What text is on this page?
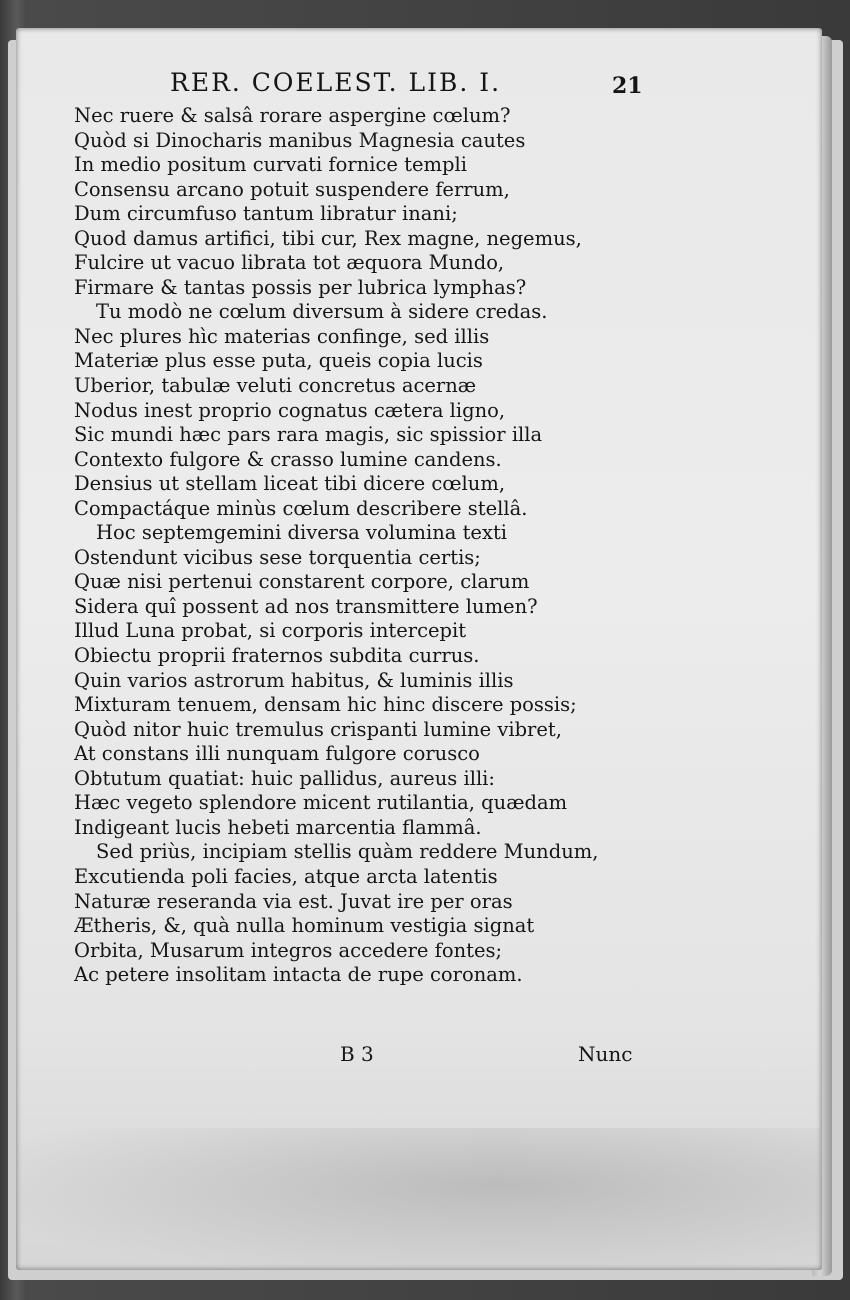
RER. COELEST. LIB. I.	21
Nec ruere & salsâ rorare aspergine cœlum?
Quòd si Dinocharis manibus Magnesia cautes
In medio positum curvati fornice templi
Consensu arcano potuit suspendere ferrum,
Dum circumfuso tantum libratur inani;
Quod damus artifici, tibi cur, Rex magne, negemus,
Fulcire ut vacuo librata tot æquora Mundo,
Firmare & tantas possis per lubrica lymphas?
Tu modò ne cœlum diversum à sidere credas.
Nec plures hìc materias confinge, sed illis
Materiæ plus esse puta, queis copia lucis
Uberior, tabulæ veluti concretus acernæ
Nodus inest proprio cognatus cætera ligno,
Sic mundi hæc pars rara magis, sic spissior illa
Contexto fulgore & crasso lumine candens.
Densius ut stellam liceat tibi dicere cœlum,
Compactáque minùs cœlum describere stellâ.
Hoc septemgemini diversa volumina texti
Ostendunt vicibus sese torquentia certis;
Quæ nisi pertenui constarent corpore, clarum
Sidera quî possent ad nos transmittere lumen?
Illud Luna probat, si corporis intercepit
Obiectu proprii fraternos subdita currus.
Quin varios astrorum habitus, & luminis illis
Mixturam tenuem, densam hic hinc discere possis;
Quòd nitor huic tremulus crispanti lumine vibret,
At constans illi nunquam fulgore corusco
Obtutum quatiat: huic pallidus, aureus illi:
Hæc vegeto splendore micent rutilantia, quædam
Indigeant lucis hebeti marcentia flammâ.
Sed priùs, incipiam stellis quàm reddere Mundum,
Excutienda poli facies, atque arcta latentis
Naturæ reseranda via est. Juvat ire per oras
Ætheris, &, quà nulla hominum vestigia signat
Orbita, Musarum integros accedere fontes;
Ac petere insolitam intacta de rupe coronam.
B 3	Nunc
